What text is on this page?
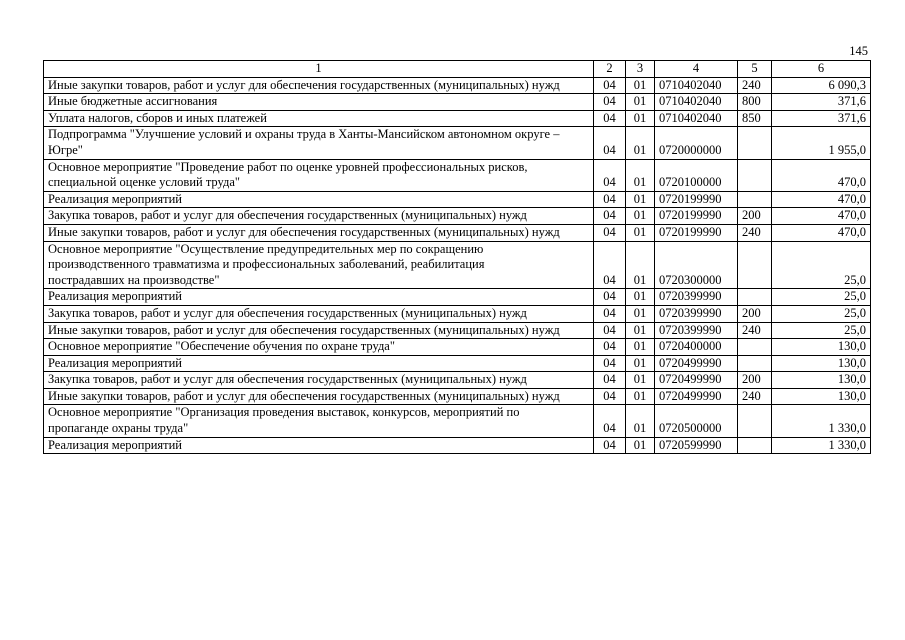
145
1	2	3	4	5	6
Иные закупки товаров, работ и услуг для обеспечения государственных (муниципальных) нужд	04	01	0710402040	240	6 090,3
Иные бюджетные ассигнования	04	01	0710402040	800	371,6
Уплата налогов, сборов и иных платежей	04	01	0710402040	850	371,6
Подпрограмма "Улучшение условий и охраны труда в Ханты-Мансийском автономном округе – Югре"	04	01	0720000000		1 955,0
Основное мероприятие "Проведение работ по оценке уровней профессиональных рисков, специальной оценке условий труда"	04	01	0720100000		470,0
Реализация мероприятий	04	01	0720199990		470,0
Закупка товаров, работ и услуг для обеспечения государственных (муниципальных) нужд	04	01	0720199990	200	470,0
Иные закупки товаров, работ и услуг для обеспечения государственных (муниципальных) нужд	04	01	0720199990	240	470,0
Основное мероприятие "Осуществление предупредительных мер по сокращению производственного травматизма и профессиональных заболеваний, реабилитация пострадавших на производстве"	04	01	0720300000		25,0
Реализация мероприятий	04	01	0720399990		25,0
Закупка товаров, работ и услуг для обеспечения государственных (муниципальных) нужд	04	01	0720399990	200	25,0
Иные закупки товаров, работ и услуг для обеспечения государственных (муниципальных) нужд	04	01	0720399990	240	25,0
Основное мероприятие "Обеспечение обучения по охране труда"	04	01	0720400000		130,0
Реализация мероприятий	04	01	0720499990		130,0
Закупка товаров, работ и услуг для обеспечения государственных (муниципальных) нужд	04	01	0720499990	200	130,0
Иные закупки товаров, работ и услуг для обеспечения государственных (муниципальных) нужд	04	01	0720499990	240	130,0
Основное мероприятие "Организация проведения выставок, конкурсов, мероприятий по пропаганде охраны труда"	04	01	0720500000		1 330,0
Реализация мероприятий	04	01	0720599990		1 330,0
